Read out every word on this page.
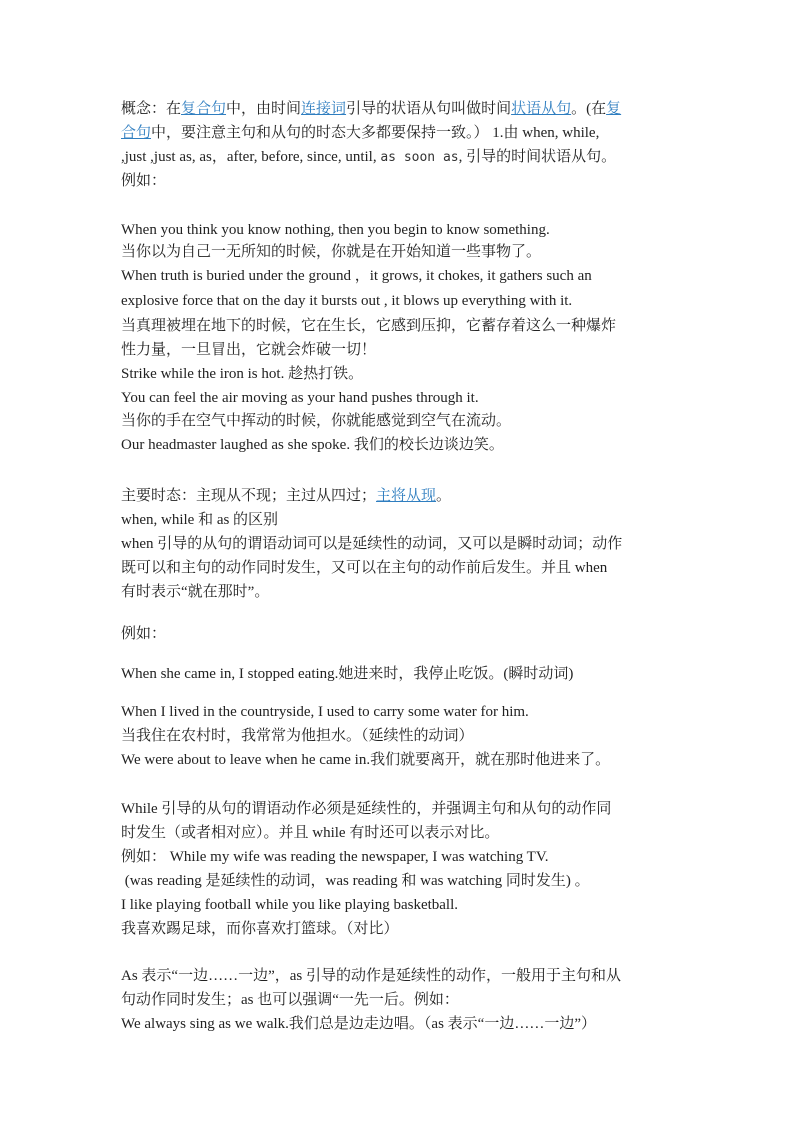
概念：在复合句中，由时间连接词引导的状语从句叫做时间状语从句。(在复
合句中，要注意主句和从句的时态大多都要保持一致。） 1.由 when, while,
,just ,just as, as，after, before, since, until, as soon as, 引导的时间状语从句。
例如：
When you think you know nothing, then you begin to know something.
当你以为自己一无所知的时候，你就是在开始知道一些事物了。
When truth is buried under the ground ，it grows, it chokes, it gathers such an
explosive force that on the day it bursts out , it blows up everything with it.
当真理被埋在地下的时候，它在生长，它感到压抑，它蓄存着这么一种爆炸
性力量，一旦冒出，它就会炸破一切！
Strike while the iron is hot. 趁热打铁。
You can feel the air moving as your hand pushes through it.
当你的手在空气中挥动的时候，你就能感觉到空气在流动。
Our headmaster laughed as she spoke. 我们的校长边谈边笑。
主要时态：主现从不现；主过从四过；主将从现。
when, while 和 as 的区别
when 引导的从句的谓语动词可以是延续性的动词，又可以是瞬时动词；动作
既可以和主句的动作同时发生，又可以在主句的动作前后发生。并且 when
有时表示“就在那时”。
例如：
When she came in, I stopped eating.她进来时，我停止吃饭。(瞬时动词)
When I lived in the countryside, I used to carry some water for him.
当我住在农村时，我常常为他担水。（延续性的动词）
We were about to leave when he came in.我们就要离开，就在那时他进来了。
While 引导的从句的谓语动作必须是延续性的，并强调主句和从句的动作同
时发生（或者相对应）。并且 while 有时还可以表示对比。
例如： While my wife was reading the newspaper, I was watching TV.
(was reading 是延续性的动词，was reading 和 was watching 同时发生) 。
I like playing football while you like playing basketball.
我喜欢踢足球，而你喜欢打篮球。（对比）
As 表示“一边……一边”，as 引导的动作是延续性的动作，一般用于主句和从
句动作同时发生；as 也可以强调“一先一后。例如：
We always sing as we walk.我们总是边走边唱。（as 表示“一边……一边”）
